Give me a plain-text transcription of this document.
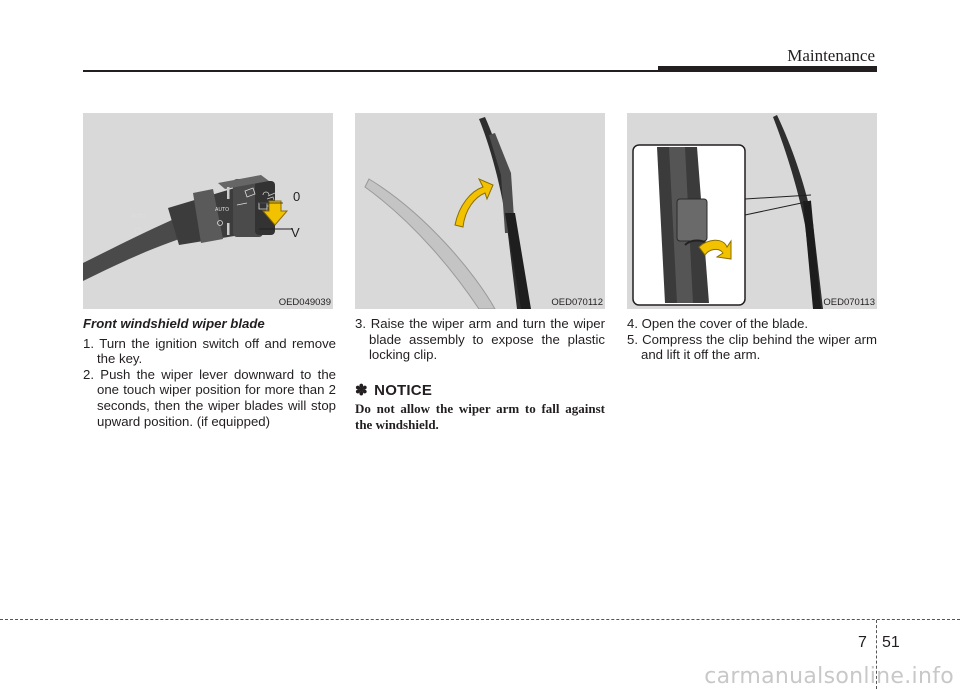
Maintenance
AUTO
AUTO
0
V
OED049039	OED070112	OED070113

Front windshield wiper blade

1. Turn the ignition switch off and remove the key.

2. Push the wiper lever downward to the one touch wiper position for more than 2 seconds, then the wiper blades will stop upward position. (if equipped)

3. Raise the wiper arm and turn the wiper blade assembly to expose the plastic locking clip.

✽ NOTICE

Do not allow the wiper arm to fall against the windshield.

4. Open the cover of the blade.

5. Compress the clip behind the wiper arm and lift it off the arm.

7 51
carmanualsonline.info
